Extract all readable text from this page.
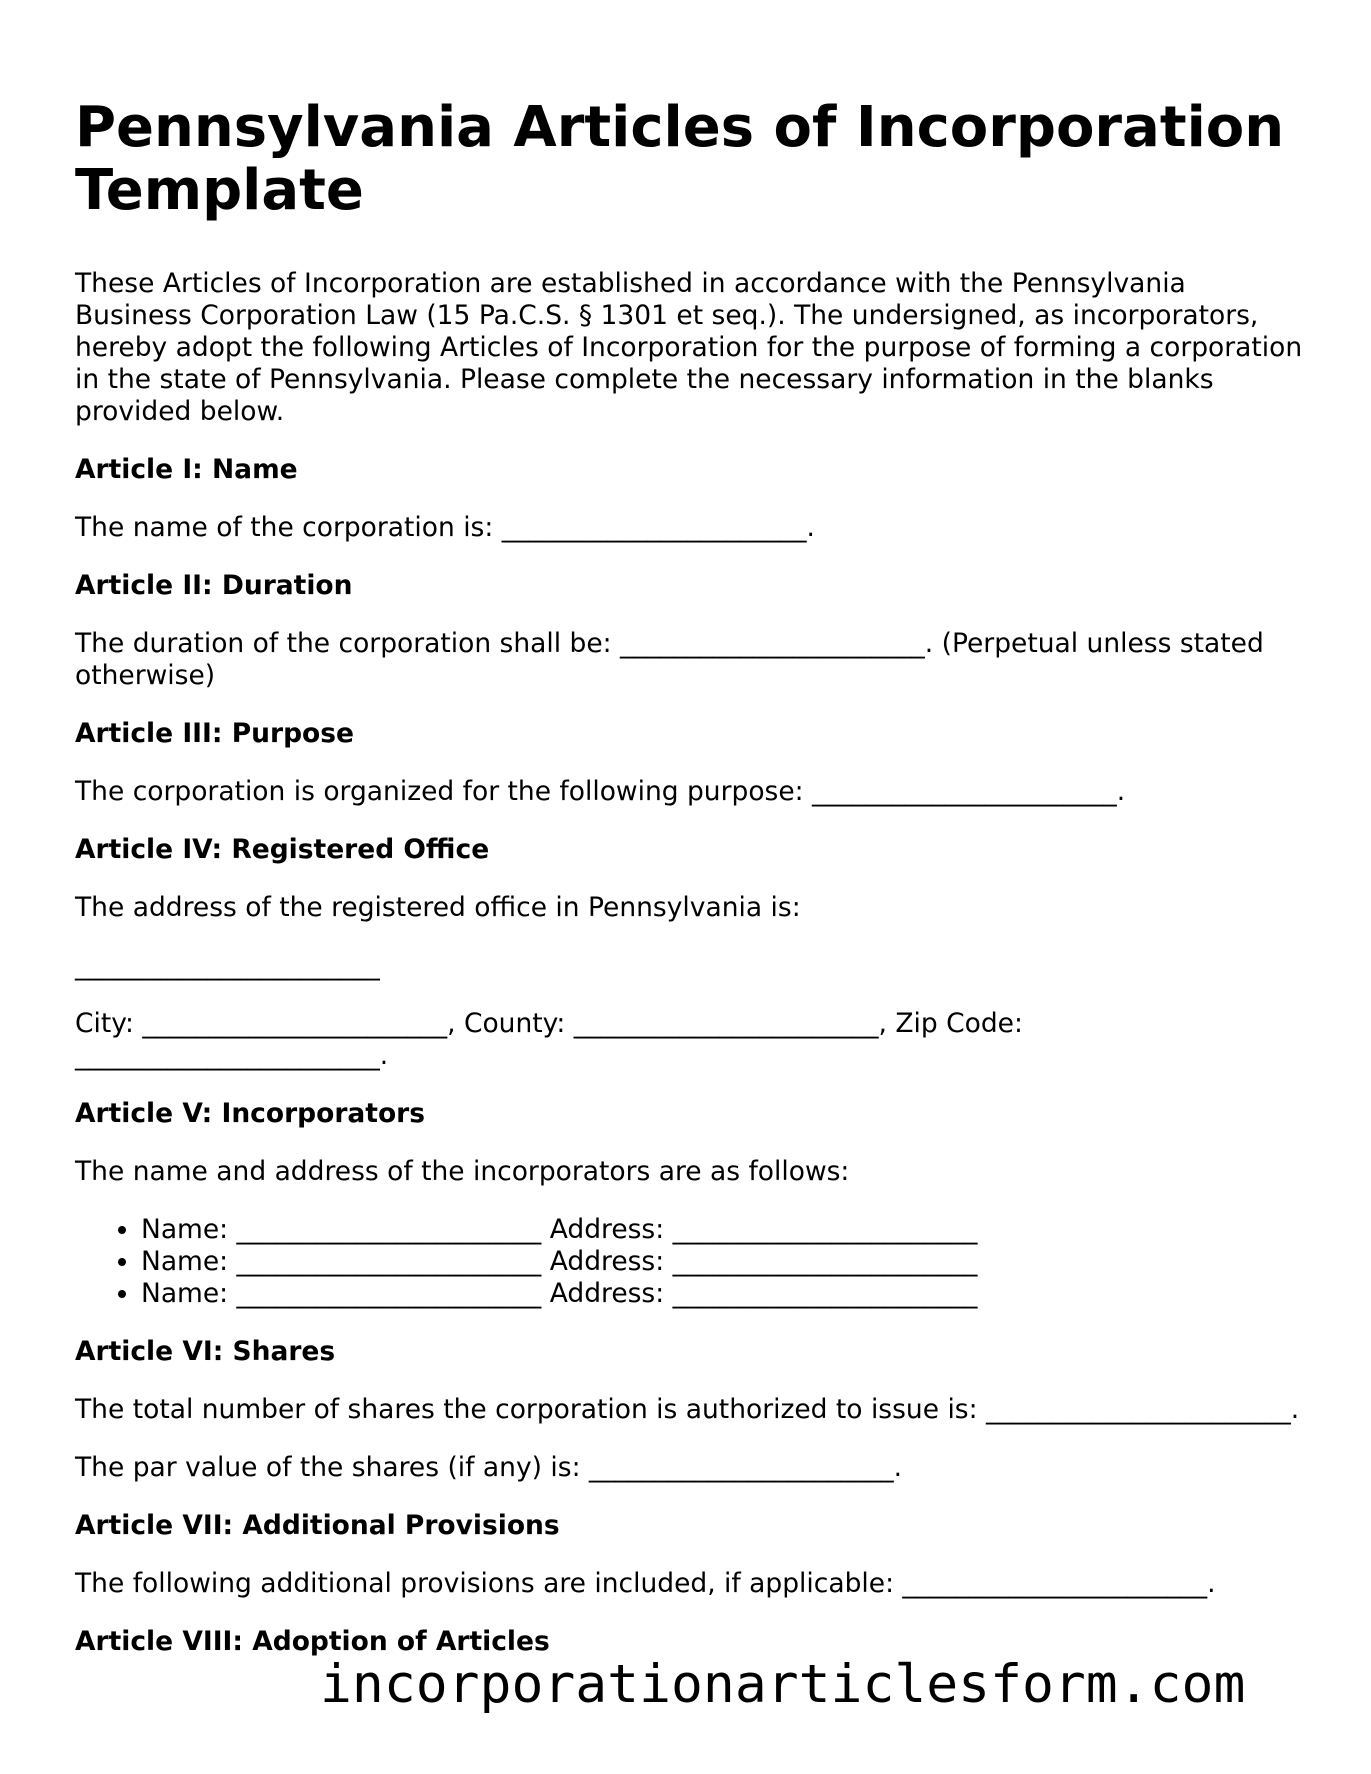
Pennsylvania Articles of Incorporation Template

These Articles of Incorporation are established in accordance with the Pennsylvania Business Corporation Law (15 Pa.C.S. § 1301 et seq.). The undersigned, as incorporators, hereby adopt the following Articles of Incorporation for the purpose of forming a corporation in the state of Pennsylvania. Please complete the necessary information in the blanks provided below.

Article I: Name

The name of the corporation is: _______________________.

Article II: Duration

The duration of the corporation shall be: _______________________. (Perpetual unless stated otherwise)

Article III: Purpose

The corporation is organized for the following purpose: _______________________.

Article IV: Registered Office

The address of the registered office in Pennsylvania is:

_______________________

City: _______________________, County: _______________________, Zip Code: _______________________.

Article V: Incorporators

The name and address of the incorporators are as follows:

• Name: _______________________ Address: _______________________
• Name: _______________________ Address: _______________________
• Name: _______________________ Address: _______________________
Article VI: Shares

The total number of shares the corporation is authorized to issue is: _______________________.

The par value of the shares (if any) is: _______________________.

Article VII: Additional Provisions

The following additional provisions are included, if applicable: _______________________.

Article VIII: Adoption of Articles
incorporationarticlesform.com
